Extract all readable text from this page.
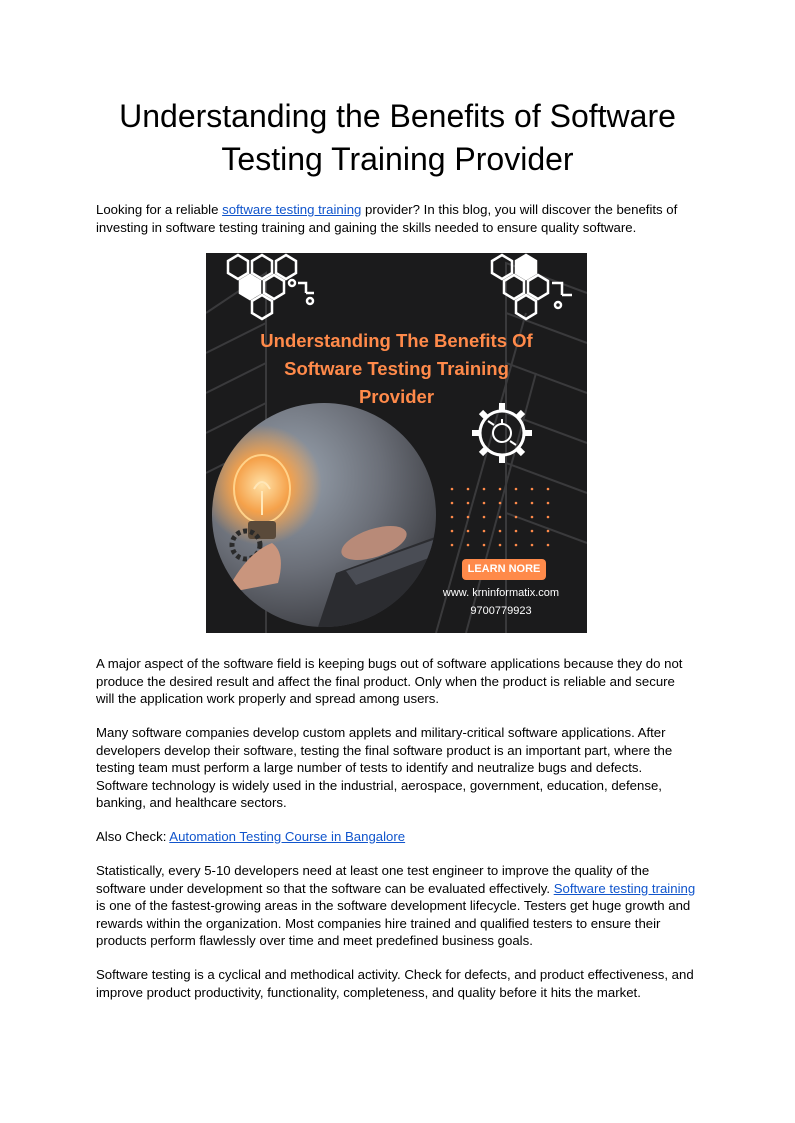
Understanding the Benefits of Software
Testing Training Provider

Looking for a reliable software testing training provider? In this blog, you will discover the benefits of investing in software testing training and gaining the skills needed to ensure quality software.

Understanding The Benefits Of
Software Testing Training
Provider
LEARN NORE
www. krninformatix.com
9700779923

A major aspect of the software field is keeping bugs out of software applications because they do not produce the desired result and affect the final product. Only when the product is reliable and secure will the application work properly and spread among users.

Many software companies develop custom applets and military-critical software applications. After developers develop their software, testing the final software product is an important part, where the testing team must perform a large number of tests to identify and neutralize bugs and defects. Software technology is widely used in the industrial, aerospace, government, education, defense, banking, and healthcare sectors.

Also Check: Automation Testing Course in Bangalore

Statistically, every 5-10 developers need at least one test engineer to improve the quality of the software under development so that the software can be evaluated effectively. Software testing training is one of the fastest-growing areas in the software development lifecycle. Testers get huge growth and rewards within the organization. Most companies hire trained and qualified testers to ensure their products perform flawlessly over time and meet predefined business goals.

Software testing is a cyclical and methodical activity. Check for defects, and product effectiveness, and improve product productivity, functionality, completeness, and quality before it hits the market.
